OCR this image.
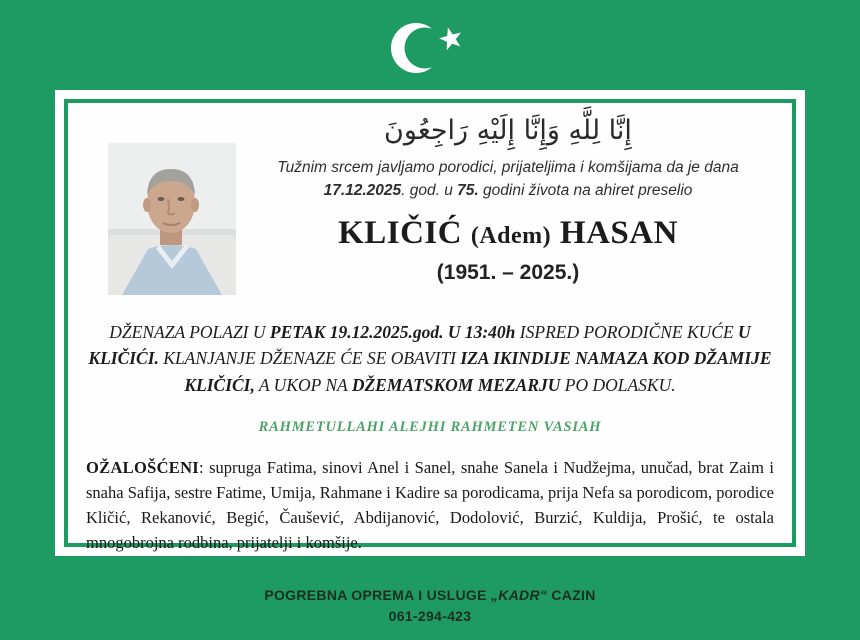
إِنَّا لِلَّهِ وَإِنَّا إِلَيْهِ رَاجِعُونَ
Tužnim srcem javljamo porodici, prijateljima i komšijama da je dana
17.12.2025. god. u 75. godini života na ahiret preselio
KLIČIĆ (Adem) HASAN
(1951. – 2025.)
DŽENAZA POLAZI U PETAK 19.12.2025.god. U 13:40h ISPRED PORODIČNE KUĆE U KLIČIĆI. KLANJANJE DŽENAZE ĆE SE OBAVITI IZA IKINDIJE NAMAZA KOD DŽAMIJE KLIČIĆI, A UKOP NA DŽEMATSKOM MEZARJU PO DOLASKU.
RAHMETULLAHI ALEJHI RAHMETEN VASIAH
OŽALOŠĆENI: supruga Fatima, sinovi Anel i Sanel, snahe Sanela i Nudžejma, unučad, brat Zaim i snaha Safija, sestre Fatime, Umija, Rahmane i Kadire sa porodicama, prija Nefa sa porodicom, porodice Kličić, Rekanović, Begić, Čaušević, Abdijanović, Dodolović, Burzić, Kuldija, Prošić, te ostala mnogobrojna rodbina, prijatelji i komšije.
POGREBNA OPREMA I USLUGE „KADR“ CAZIN
061-294-423
